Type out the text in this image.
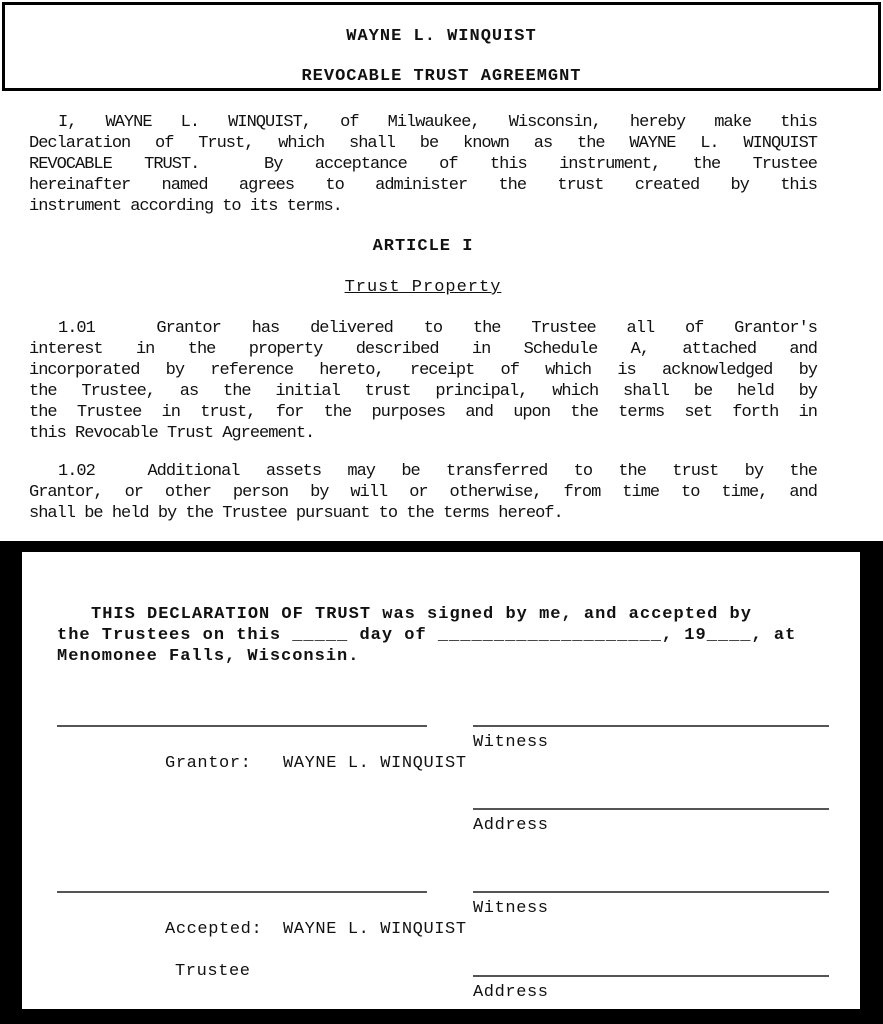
WAYNE L. WINQUIST
REVOCABLE TRUST AGREEMGNT
I, WAYNE L. WINQUIST, of Milwaukee, Wisconsin, hereby make this
Declaration of Trust, which shall be known as the WAYNE L. WINQUIST
REVOCABLE TRUST.  By acceptance of this instrument, the Trustee
hereinafter named agrees to administer the trust created by this
instrument according to its terms.
ARTICLE I
Trust Property
1.01  Grantor has delivered to the Trustee all of Grantor's
interest in the property described in Schedule A, attached and
incorporated by reference hereto, receipt of which is acknowledged by
the Trustee, as the initial trust principal, which shall be held by
the Trustee in trust, for the purposes and upon the terms set forth in
this Revocable Trust Agreement.
1.02  Additional assets may be transferred to the trust by the
Grantor, or other person by will or otherwise, from time to time, and
shall be held by the Trustee pursuant to the terms hereof.
THIS DECLARATION OF TRUST was signed by me, and accepted by
the Trustees on this _____ day of ____________________, 19____, at
Menomonee Falls, Wisconsin.

Grantor: WAYNE L. WINQUIST

Witness
Address

Accepted: WAYNE L. WINQUIST

Trustee
Witness
Address
